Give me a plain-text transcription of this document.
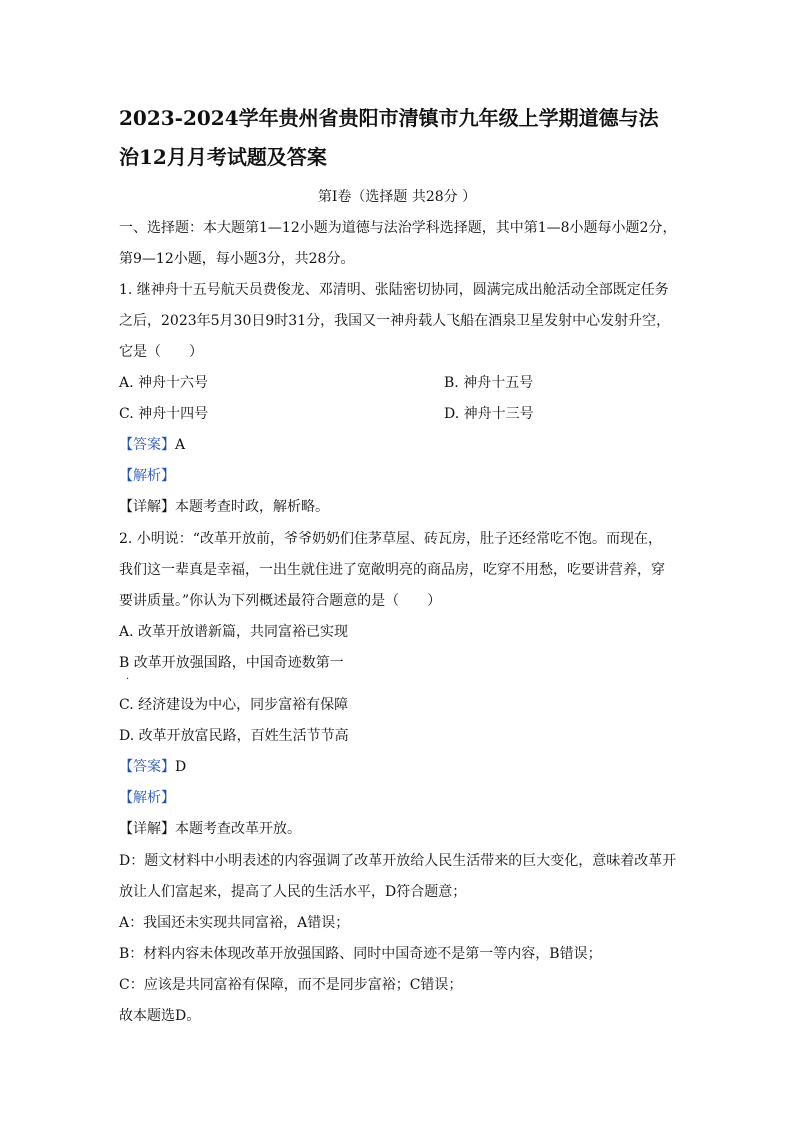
2023-2024学年贵州省贵阳市清镇市九年级上学期道德与法
治12月月考试题及答案
第Ⅰ卷（选择题 共28分 ）
一、选择题：本大题第1—12小题为道德与法治学科选择题，其中第1—8小题每小题2分，
第9—12小题，每小题3分，共28分。
1. 继神舟十五号航天员费俊龙、邓清明、张陆密切协同，圆满完成出舱活动全部既定任务
之后，2023年5月30日9时31分，我国又一神舟载人飞船在酒泉卫星发射中心发射升空，
它是（　　）
A. 神舟十六号	B. 神舟十五号
C. 神舟十四号	D. 神舟十三号
【答案】A
【解析】
【详解】本题考查时政，解析略。
2. 小明说：“改革开放前，爷爷奶奶们住茅草屋、砖瓦房，肚子还经常吃不饱。而现在，
我们这一辈真是幸福，一出生就住进了宽敞明亮的商品房，吃穿不用愁，吃要讲营养，穿
要讲质量。”你认为下列概述最符合题意的是（　　）
A. 改革开放谱新篇，共同富裕已实现
B 改革开放强国路，中国奇迹数第一
·
C. 经济建设为中心，同步富裕有保障
D. 改革开放富民路，百姓生活节节高
【答案】D
【解析】
【详解】本题考查改革开放。
D：题文材料中小明表述的内容强调了改革开放给人民生活带来的巨大变化，意味着改革开
放让人们富起来，提高了人民的生活水平，D符合题意；
A：我国还未实现共同富裕，A错误；
B：材料内容未体现改革开放强国路、同时中国奇迹不是第一等内容，B错误；
C：应该是共同富裕有保障，而不是同步富裕；C错误；
故本题选D。
